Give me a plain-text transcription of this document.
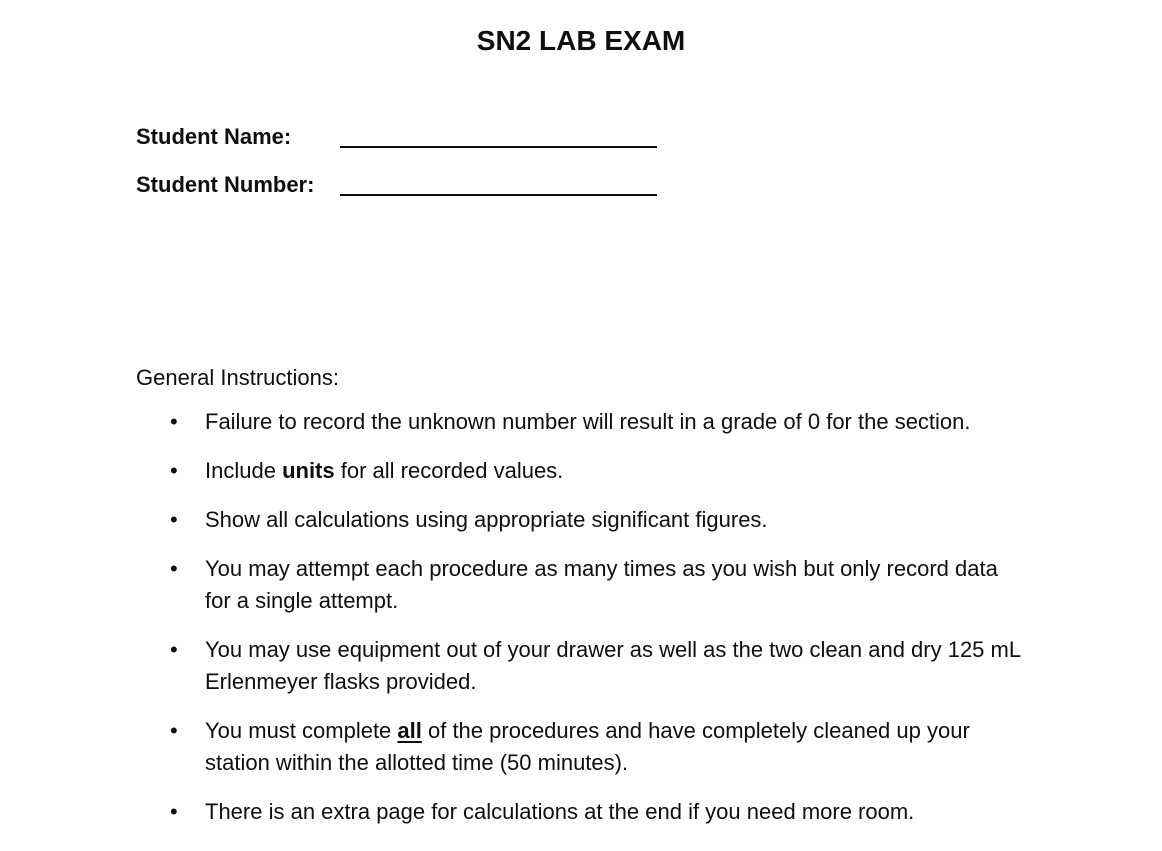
SN2 LAB EXAM
Student Name:
Student Number:

General Instructions:

• Failure to record the unknown number will result in a grade of 0 for the section.
• Include units for all recorded values.
• Show all calculations using appropriate significant figures.
• You may attempt each procedure as many times as you wish but only record data for a single attempt.
• You may use equipment out of your drawer as well as the two clean and dry 125 mL Erlenmeyer flasks provided.
• You must complete all of the procedures and have completely cleaned up your station within the allotted time (50 minutes).
• There is an extra page for calculations at the end if you need more room.
